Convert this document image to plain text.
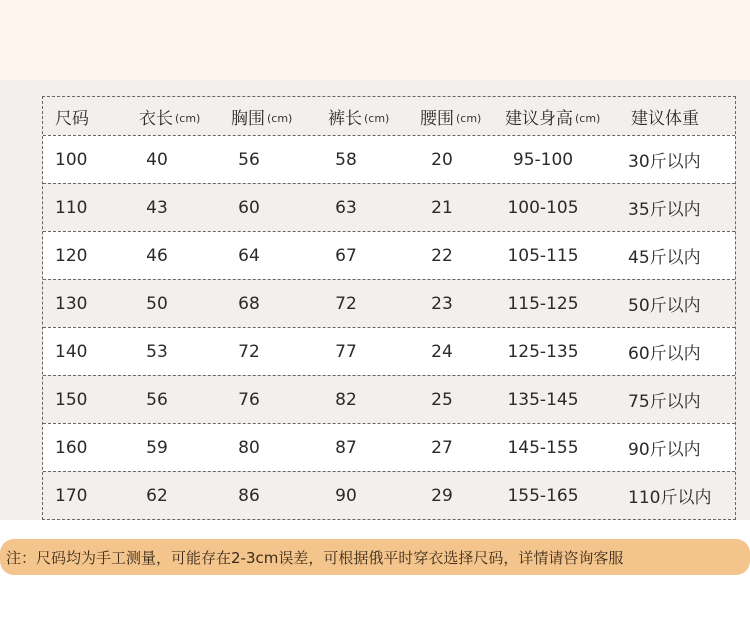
尺码	衣长 (cm) 胸围 (cm) 裤长 (cm) 腰围 (cm) 建议身高 (cm) 建议体重
100	40	56	58	20	95-100	30斤以内
110	43	60	63	21	100-105	35斤以内
120	46	64	67	22	105-115	45斤以内
130	50	68	72	23	115-125	50斤以内
140	53	72	77	24	125-135	60斤以内
150	56	76	82	25	135-145	75斤以内
160	59	80	87	27	145-155	90斤以内
170	62	86	90	29	155-165	110斤以内
注：尺码均为手工测量，可能存在2-3cm误差，可根据俄平时穿衣选择尺码，详情请咨询客服
